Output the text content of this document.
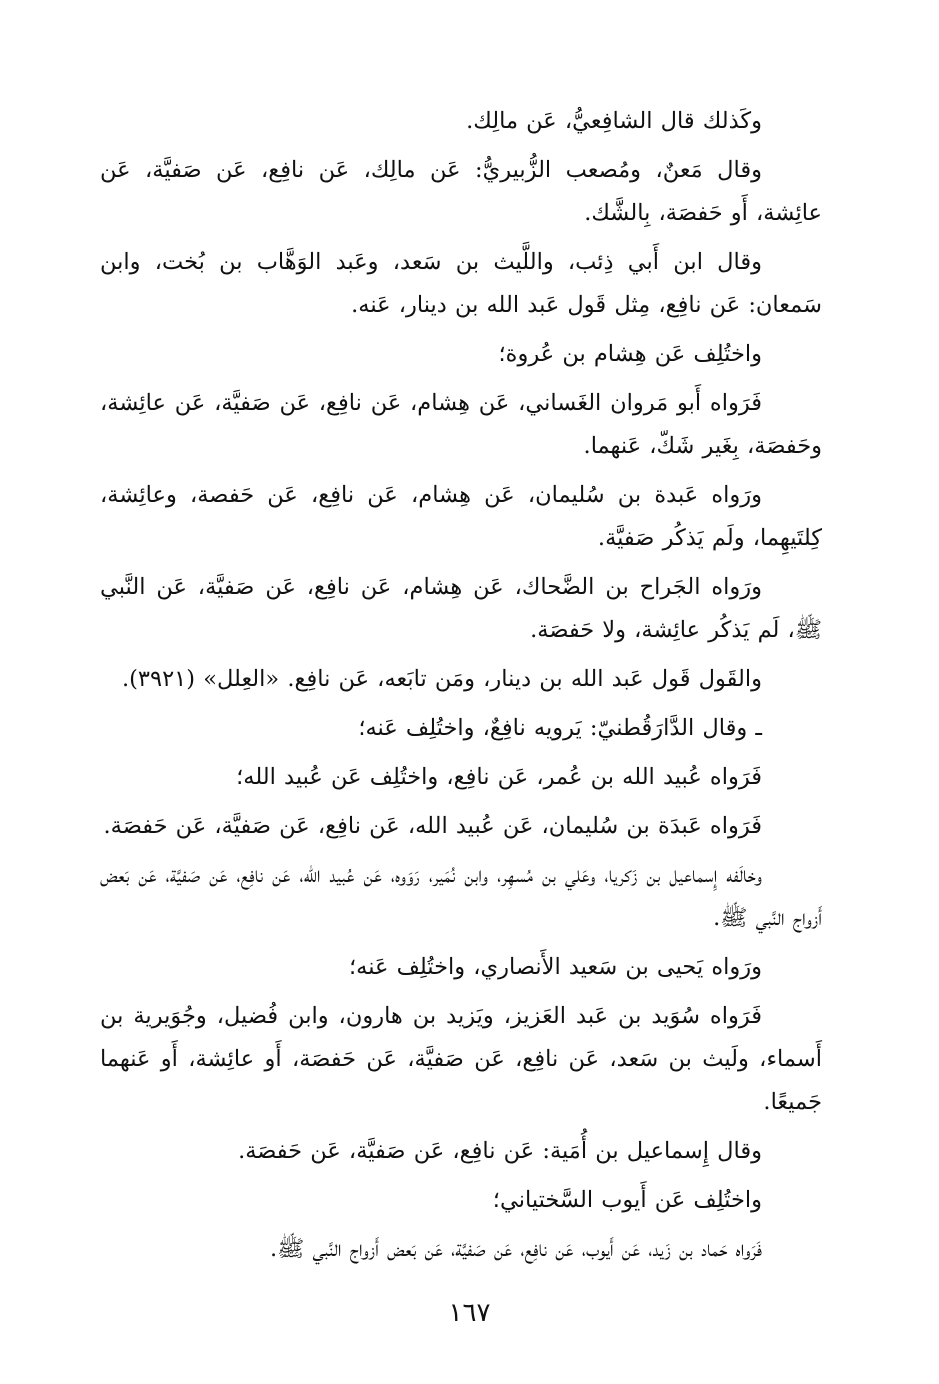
وكَذلك قال الشافِعيُّ، عَن مالِك.

وقال مَعنٌ، ومُصعب الزُّبيريُّ: عَن مالِك، عَن نافِع، عَن صَفيَّة، عَن عائِشة، أَو حَفصَة، بِالشَّك.

وقال ابن أَبي ذِئب، واللَّيث بن سَعد، وعَبد الوَهَّاب بن بُخت، وابن سَمعان: عَن نافِع، مِثل قَول عَبد الله بن دينار، عَنه.

واختُلِف عَن هِشام بن عُروة؛

فَرَواه أَبو مَروان الغَساني، عَن هِشام، عَن نافِع، عَن صَفيَّة، عَن عائِشة، وحَفصَة، بِغَير شَكّ، عَنهما.

ورَواه عَبدة بن سُليمان، عَن هِشام، عَن نافِع، عَن حَفصة، وعائِشة، كِلتَيهِما، ولَم يَذكُر صَفيَّة.

ورَواه الجَراح بن الضَّحاك، عَن هِشام، عَن نافِع، عَن صَفيَّة، عَن النَّبي ﷺ، لَم يَذكُر عائِشة، ولا حَفصَة.

والقَول قَول عَبد الله بن دينار، ومَن تابَعه، عَن نافِع. «العِلل» (٣٩٢١).

ـ وقال الدَّارَقُطنيّ: يَرويه نافِعٌ، واختُلِف عَنه؛

فَرَواه عُبيد الله بن عُمر، عَن نافِع، واختُلِف عَن عُبيد الله؛

فَرَواه عَبدَة بن سُليمان، عَن عُبيد الله، عَن نافِع، عَن صَفيَّة، عَن حَفصَة.

وخالَفه إِسماعيل بن زَكريا، وعَلي بن مُسهِر، وابن نُمَير، رَوَوه، عَن عُبيد الله، عَن نافِع، عَن صَفيَّة، عَن بَعض أَزواج النَّبي ﷺ.

ورَواه يَحيى بن سَعيد الأَنصاري، واختُلِف عَنه؛

فَرَواه سُوَيد بن عَبد العَزيز، ويَزيد بن هارون، وابن فُضيل، وجُوَيرية بن أَسماء، ولَيث بن سَعد، عَن نافِع، عَن صَفيَّة، عَن حَفصَة، أَو عائِشة، أَو عَنهما جَميعًا.

وقال إِسماعيل بن أُمَية: عَن نافِع، عَن صَفيَّة، عَن حَفصَة.

واختُلِف عَن أَيوب السَّختياني؛

فَرَواه حَماد بن زَيد، عَن أَيوب، عَن نافِع، عَن صَفيَّة، عَن بَعض أَزواج النَّبي ﷺ.

١٦٧
